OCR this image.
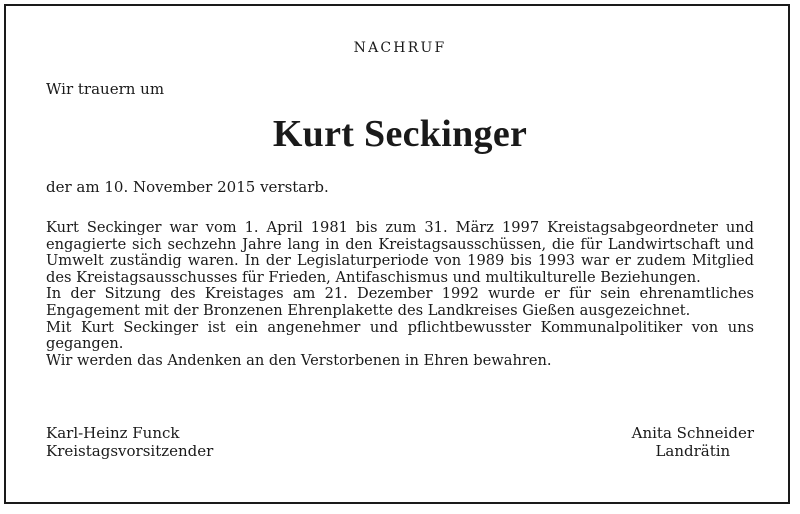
NACHRUF
Wir trauern um
Kurt Seckinger
der am 10. November 2015 verstarb.

Kurt Seckinger war vom 1. April 1981 bis zum 31. März 1997 Kreistagsabgeordneter und engagierte sich sechzehn Jahre lang in den Kreistagsausschüssen, die für Landwirtschaft und Umwelt zuständig waren. In der Legislaturperiode von 1989 bis 1993 war er zudem Mitglied des Kreistagsausschusses für Frieden, Antifaschismus und multikulturelle Beziehungen.

In der Sitzung des Kreistages am 21. Dezember 1992 wurde er für sein ehrenamtliches Engagement mit der Bronzenen Ehrenplakette des Landkreises Gießen ausgezeichnet.

Mit Kurt Seckinger ist ein angenehmer und pflichtbewusster Kommunalpolitiker von uns gegangen.

Wir werden das Andenken an den Verstorbenen in Ehren bewahren.

Karl-Heinz Funck
Kreistagsvorsitzender
Anita Schneider
Landrätin
